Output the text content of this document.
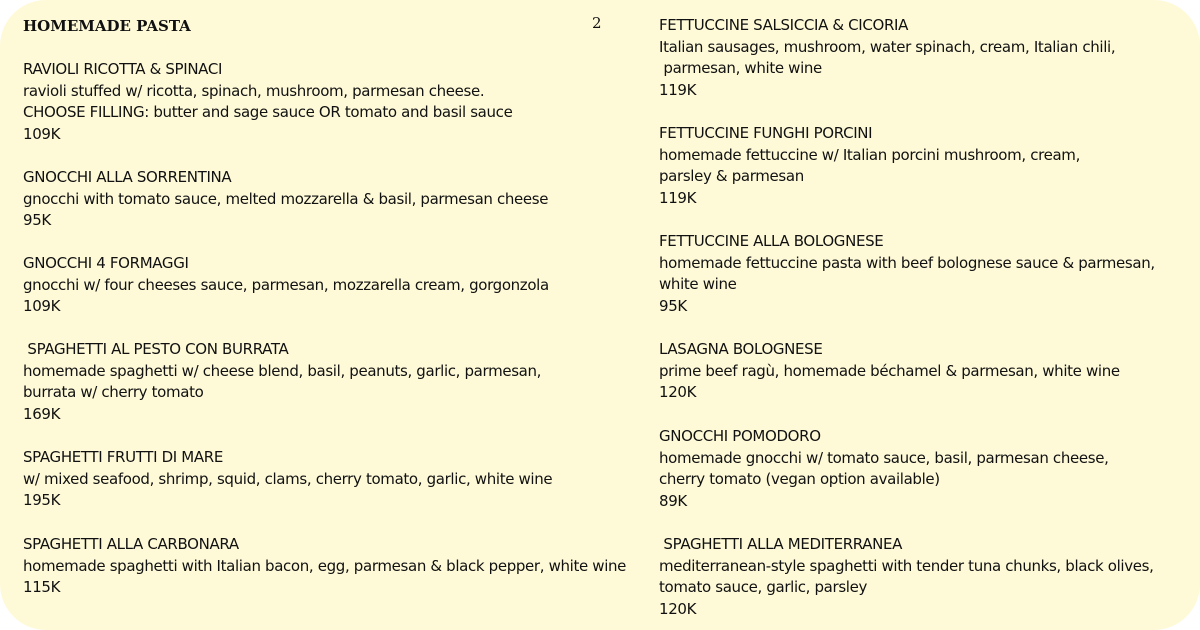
HOMEMADE PASTA	2

RAVIOLI RICOTTA & SPINACI

ravioli stuffed w/ ricotta, spinach, mushroom, parmesan cheese.
CHOOSE FILLING: butter and sage sauce OR tomato and basil sauce

109K

GNOCCHI ALLA SORRENTINA

gnocchi with tomato sauce, melted mozzarella & basil, parmesan cheese

95K

GNOCCHI 4 FORMAGGI

gnocchi w/ four cheeses sauce, parmesan, mozzarella cream, gorgonzola

109K

SPAGHETTI AL PESTO CON BURRATA

homemade spaghetti w/ cheese blend, basil, peanuts, garlic, parmesan,
burrata w/ cherry tomato

169K

SPAGHETTI FRUTTI DI MARE

w/ mixed seafood, shrimp, squid, clams, cherry tomato, garlic, white wine

195K

SPAGHETTI ALLA CARBONARA

homemade spaghetti with Italian bacon, egg, parmesan & black pepper, white wine

115K

FETTUCCINE SALSICCIA & CICORIA

Italian sausages, mushroom, water spinach, cream, Italian chili,
parmesan, white wine

119K

FETTUCCINE FUNGHI PORCINI

homemade fettuccine w/ Italian porcini mushroom, cream,
parsley & parmesan

119K

FETTUCCINE ALLA BOLOGNESE

homemade fettuccine pasta with beef bolognese sauce & parmesan,
white wine

95K

LASAGNA BOLOGNESE

prime beef ragù, homemade béchamel & parmesan, white wine

120K

GNOCCHI POMODORO

homemade gnocchi w/ tomato sauce, basil, parmesan cheese,
cherry tomato (vegan option available)

89K

SPAGHETTI ALLA MEDITERRANEA

mediterranean-style spaghetti with tender tuna chunks, black olives,
tomato sauce, garlic, parsley

120K
